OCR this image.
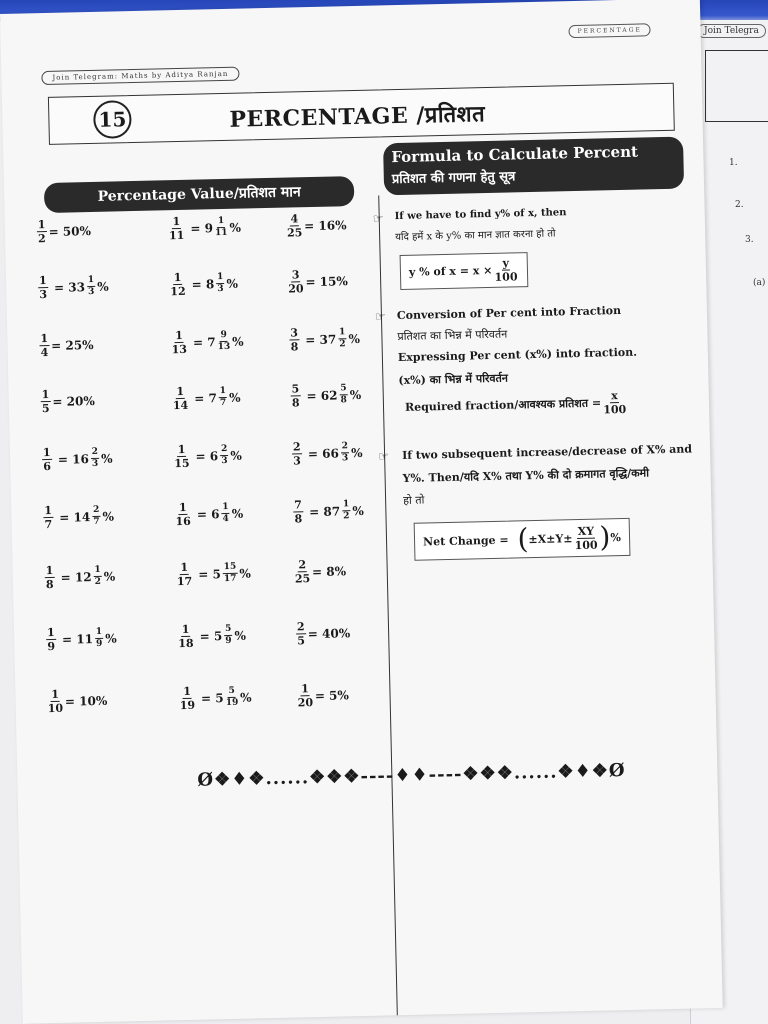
Join Telegra
1.
2.
3.
(a)
PERCENTAGE
Join Telegram: Maths by Aditya Ranjan
15	PERCENTAGE /प्रतिशत
Percentage Value/प्रतिशत मान
Formula to Calculate Percent
प्रतिशत की गणना हेतु सूत्र
$\frac{1}{2} = 50\%$	$\frac{1}{11} = 9 \frac{1}{11}$ %	$\frac{4}{25} = 16\%$
$\frac{1}{3} = 33 \frac{1}{3}$ %	$\frac{1}{12} = 8 \frac{1}{3}$ %	$\frac{3}{20} = 15\%$
$\frac{1}{4} = 25\%$	$\frac{1}{13} = 7 \frac{9}{13}$ %	$\frac{3}{8} = 37 \frac{1}{2}$ %
$\frac{1}{5} = 20\%$	$\frac{1}{14} = 7 \frac{1}{7}$ %	$\frac{5}{8} = 62 \frac{5}{8}$ %
$\frac{1}{6} = 16 \frac{2}{3}$ %	$\frac{1}{15} = 6 \frac{2}{3}$ %	$\frac{2}{3} = 66 \frac{2}{3}$ %
$\frac{1}{7} = 14 \frac{2}{7}$ %	$\frac{1}{16} = 6 \frac{1}{4}$ %	$\frac{7}{8} = 87 \frac{1}{2}$ %
$\frac{1}{8} = 12 \frac{1}{2}$ %	$\frac{1}{17} = 5 \frac{15}{17}$ %	$\frac{2}{25} = 8\%$
$\frac{1}{9} = 11 \frac{1}{9}$ %	$\frac{1}{18} = 5 \frac{5}{9}$ %	$\frac{2}{5} = 40\%$
$\frac{1}{10} = 10\%$	$\frac{1}{19} = 5 \frac{5}{19}$ %	$\frac{1}{20} = 5\%$
☞ If we have to find y% of x, then
यदि हमें x के y% का मान ज्ञात करना हो तो
y % of $x = x \times \frac{y}{100}$
☞ Conversion of Per cent into Fraction
प्रतिशत का भिन्न में परिवर्तन
Expressing Per cent (x%) into fraction.
(x%) का भिन्न में परिवर्तन
Required fraction/आवश्यक प्रतिशत = $\frac{x}{100}$
☞ If two subsequent increase/decrease of X% and
Y%. Then/यदि X% तथा Y% की दो क्रमागत वृद्धि/कमी
हो तो
Net Change = ( $\pm X\pm Y\pm \frac{XY}{100}$ ) %
Ø❖♦❖......❖❖❖----♦♦----❖❖❖......❖♦❖Ø
